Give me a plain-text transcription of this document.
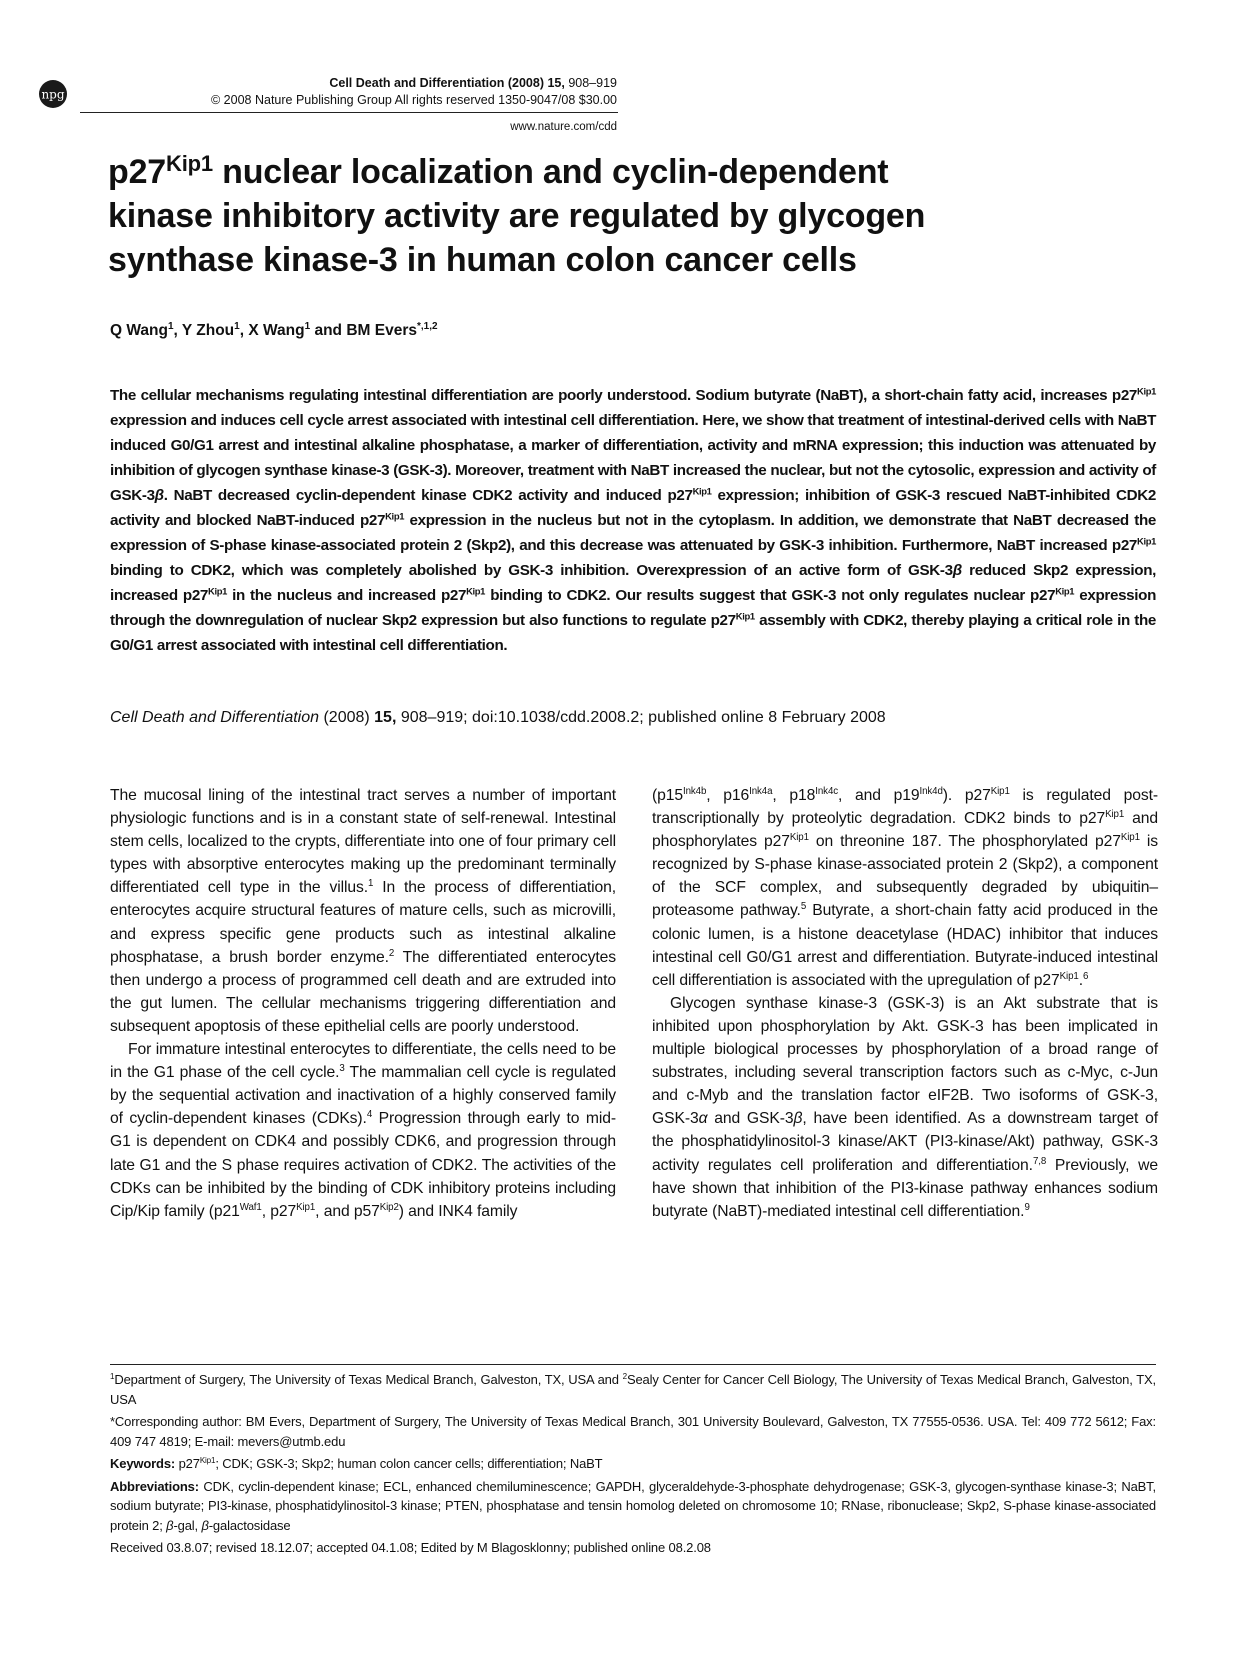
npg
Cell Death and Differentiation (2008) 15, 908–919
© 2008 Nature Publishing Group All rights reserved 1350-9047/08 $30.00
www.nature.com/cdd
$p27^{Kip1}$ nuclear localization and cyclin-dependent
kinase inhibitory activity are regulated by glycogen
synthase kinase-3 in human colon cancer cells
Q Wang$^1$, Y Zhou$^1$, X Wang$^1$ and BM Evers$^{*,1,2}$
The cellular mechanisms regulating intestinal differentiation are poorly understood. Sodium butyrate (NaBT), a short-chain fatty acid, increases $p27^{Kip1}$ expression and induces cell cycle arrest associated with intestinal cell differentiation. Here, we show that treatment of intestinal-derived cells with NaBT induced G0/G1 arrest and intestinal alkaline phosphatase, a marker of differentiation, activity and mRNA expression; this induction was attenuated by inhibition of glycogen synthase kinase-3 (GSK-3). Moreover, treatment with NaBT increased the nuclear, but not the cytosolic, expression and activity of GSK-3β. NaBT decreased cyclin-dependent kinase CDK2 activity and induced $p27^{Kip1}$ expression; inhibition of GSK-3 rescued NaBT-inhibited CDK2 activity and blocked NaBT-induced $p27^{Kip1}$ expression in the nucleus but not in the cytoplasm. In addition, we demonstrate that NaBT decreased the expression of S-phase kinase-associated protein 2 (Skp2), and this decrease was attenuated by GSK-3 inhibition. Furthermore, NaBT increased $p27^{Kip1}$ binding to CDK2, which was completely abolished by GSK-3 inhibition. Overexpression of an active form of GSK-3β reduced Skp2 expression, increased $p27^{Kip1}$ in the nucleus and increased $p27^{Kip1}$ binding to CDK2. Our results suggest that GSK-3 not only regulates nuclear $p27^{Kip1}$ expression through the downregulation of nuclear Skp2 expression but also functions to regulate $p27^{Kip1}$ assembly with CDK2, thereby playing a critical role in the G0/G1 arrest associated with intestinal cell differentiation.
Cell Death and Differentiation (2008) 15, 908–919; doi:10.1038/cdd.2008.2; published online 8 February 2008

The mucosal lining of the intestinal tract serves a number of important physiologic functions and is in a constant state of self-renewal. Intestinal stem cells, localized to the crypts, differentiate into one of four primary cell types with absorptive enterocytes making up the predominant terminally differentiated cell type in the villus.$^1$ In the process of differentiation, enterocytes acquire structural features of mature cells, such as microvilli, and express specific gene products such as intestinal alkaline phosphatase, a brush border enzyme.$^2$ The differentiated enterocytes then undergo a process of programmed cell death and are extruded into the gut lumen. The cellular mechanisms triggering differentiation and subsequent apoptosis of these epithelial cells are poorly understood.

For immature intestinal enterocytes to differentiate, the cells need to be in the G1 phase of the cell cycle.$^3$ The mammalian cell cycle is regulated by the sequential activation and inactivation of a highly conserved family of cyclin-dependent kinases (CDKs).$^4$ Progression through early to mid-G1 is dependent on CDK4 and possibly CDK6, and progression through late G1 and the S phase requires activation of CDK2. The activities of the CDKs can be inhibited by the binding of CDK inhibitory proteins including Cip/Kip family ($p21^{Waf1}$, $p27^{Kip1}$, and $p57^{Kip2}$) and INK4 family

($p15^{Ink4b}$, $p16^{Ink4a}$, $p18^{Ink4c}$, and $p19^{Ink4d}$). $p27^{Kip1}$ is regulated post-transcriptionally by proteolytic degradation. CDK2 binds to $p27^{Kip1}$ and phosphorylates $p27^{Kip1}$ on threonine 187. The phosphorylated $p27^{Kip1}$ is recognized by S-phase kinase-associated protein 2 (Skp2), a component of the SCF complex, and subsequently degraded by ubiquitin–proteasome pathway.$^5$ Butyrate, a short-chain fatty acid produced in the colonic lumen, is a histone deacetylase (HDAC) inhibitor that induces intestinal cell G0/G1 arrest and differentiation. Butyrate-induced intestinal cell differentiation is associated with the upregulation of $p27^{Kip1}.^6$

Glycogen synthase kinase-3 (GSK-3) is an Akt substrate that is inhibited upon phosphorylation by Akt. GSK-3 has been implicated in multiple biological processes by phosphorylation of a broad range of substrates, including several transcription factors such as c-Myc, c-Jun and c-Myb and the translation factor eIF2B. Two isoforms of GSK-3, GSK-3α and GSK-3β, have been identified. As a downstream target of the phosphatidylinositol-3 kinase/AKT (PI3-kinase/Akt) pathway, GSK-3 activity regulates cell proliferation and differentiation.$^{7,8}$ Previously, we have shown that inhibition of the PI3-kinase pathway enhances sodium butyrate (NaBT)-mediated intestinal cell differentiation.$^9$

$^1$Department of Surgery, The University of Texas Medical Branch, Galveston, TX, USA and $^2$Sealy Center for Cancer Cell Biology, The University of Texas Medical Branch, Galveston, TX, USA

*Corresponding author: BM Evers, Department of Surgery, The University of Texas Medical Branch, 301 University Boulevard, Galveston, TX 77555-0536. USA. Tel: 409 772 5612; Fax: 409 747 4819; E-mail: mevers@utmb.edu

Keywords: $p27^{Kip1}$; CDK; GSK-3; Skp2; human colon cancer cells; differentiation; NaBT

Abbreviations: CDK, cyclin-dependent kinase; ECL, enhanced chemiluminescence; GAPDH, glyceraldehyde-3-phosphate dehydrogenase; GSK-3, glycogen-synthase kinase-3; NaBT, sodium butyrate; PI3-kinase, phosphatidylinositol-3 kinase; PTEN, phosphatase and tensin homolog deleted on chromosome 10; RNase, ribonuclease; Skp2, S-phase kinase-associated protein 2; β-gal, β-galactosidase

Received 03.8.07; revised 18.12.07; accepted 04.1.08; Edited by M Blagosklonny; published online 08.2.08
